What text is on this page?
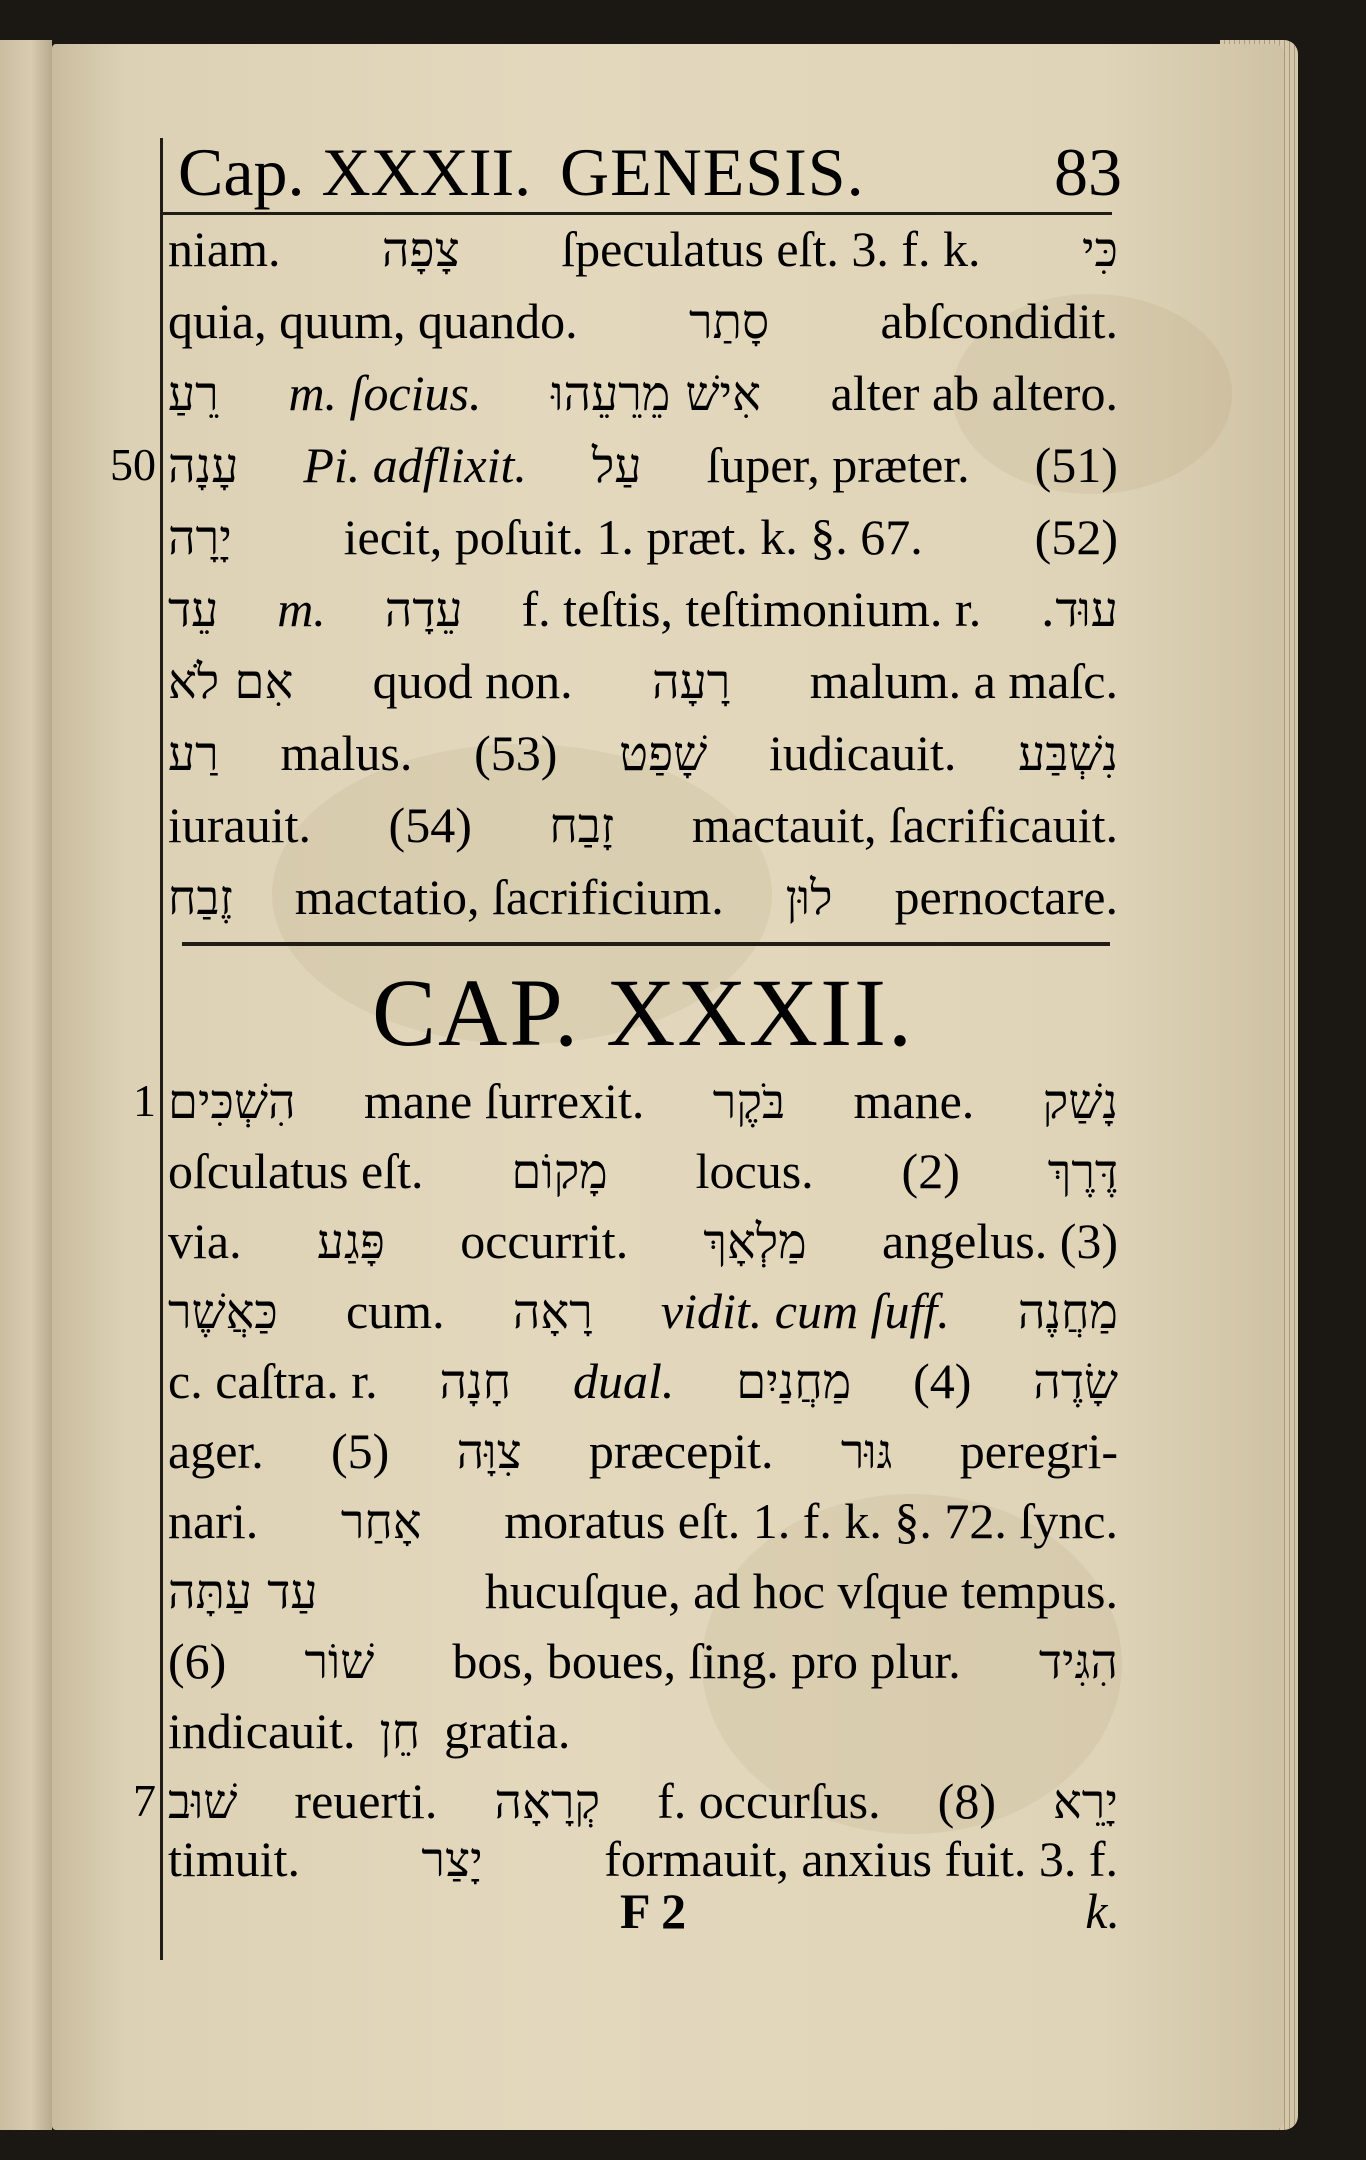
Cap. XXXII. GENESIS.	83
niam. צָפָה ſpeculatus eſt. 3. f. k. כִּי
quia, quum, quando. סָתַר abſcondidit.
רֵעַ m. ſocius. אִישׁ מֵרֵעֵהוּ alter ab altero.
50 עָנָה Pi. adflixit. עַל ſuper, præter. (51)
יָרָה iecit, poſuit. 1. præt. k. §. 67. (52)
עֵד m. עֵדָה f. teſtis, teſtimonium. r. עוּד.
אִם לֹא quod non. רָעָה malum. a maſc.
רַע malus. (53) שָׁפַט iudicauit. נִשְׁבַּע
iurauit. (54) זָבַח mactauit, ſacrificauit.
זֶבַח mactatio, ſacrificium. לוּן pernoctare.
CAP. XXXII.
1 הִשְׁכִּים mane ſurrexit. בֹּקֶר mane. נָשַׁק
oſculatus eſt. מָקוֹם locus. (2) דֶּרֶךְ
via. פָּגַע occurrit. מַלְאָךְ angelus. (3)
כַּאֲשֶׁר cum. רָאָה vidit. cum ſuff. מַחֲנֶה
c. caſtra. r. חָנָה dual. מַחֲנַיִם (4) שָׂדֶה
ager. (5) צִוָּה præcepit. גּוּר peregri-
nari. אָחַר moratus eſt. 1. f. k. §. 72. ſync.
עַד עַתָּה	hucuſque, ad hoc vſque tempus.
(6) שׁוֹר bos, boues, ſing. pro plur. הִגִּיד
indicauit. חֵן gratia.
7 שׁוּב reuerti. קְרָאָה f. occurſus. (8) יָרֵא
timuit.	יָצַר formauit, anxius fuit. 3. f.
F 2	k.
